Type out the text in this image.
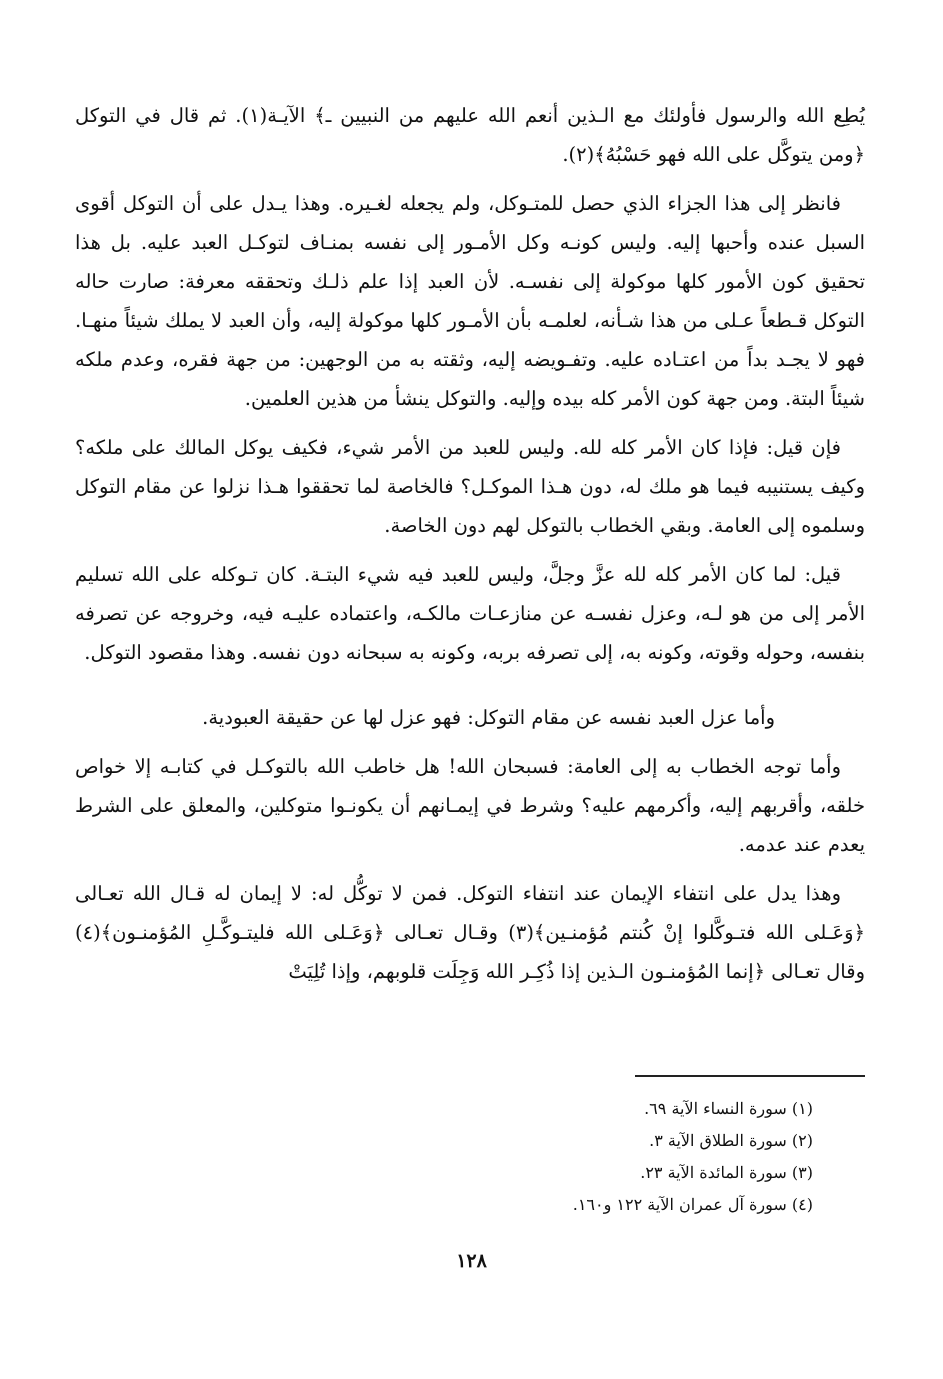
يُطِع الله والرسول فأولئك مع الـذين أنعم الله عليهم من النبيين ـ﴾ الآيـة(١). ثم قال في التوكل ﴿ومن يتوكَّل على الله فهو حَسْبُهُ﴾(٢).

فانظر إلى هذا الجزاء الذي حصل للمتـوكل، ولم يجعله لغـيره. وهذا يـدل على أن التوكل أقوى السبل عنده وأحبها إليه. وليس كونـه وكل الأمـور إلى نفسه بمنـاف لتوكـل العبد عليه. بل هذا تحقيق كون الأمور كلها موكولة إلى نفسـه. لأن العبد إذا علم ذلـك وتحققه معرفة: صارت حاله التوكل قـطعاً عـلى من هذا شـأنه، لعلمـه بأن الأمـور كلها موكولة إليه، وأن العبد لا يملك شيئاً منهـا. فهو لا يجـد بداً من اعتـاده عليه. وتفـويضه إليه، وثقته به من الوجهين: من جهة فقره، وعدم ملكه شيئاً البتة. ومن جهة كون الأمر كله بيده وإليه. والتوكل ينشأ من هذين العلمين.

فإن قيل: فإذا كان الأمر كله لله. وليس للعبد من الأمر شيء، فكيف يوكل المالك على ملكه؟ وكيف يستنيبه فيما هو ملك له، دون هـذا الموكـل؟ فالخاصة لما تحققوا هـذا نزلوا عن مقام التوكل وسلموه إلى العامة. وبقي الخطاب بالتوكل لهم دون الخاصة.

قيل: لما كان الأمر كله لله عزَّ وجلَّ، وليس للعبد فيه شيء البتـة. كان تـوكله على الله تسليم الأمر إلى من هو لـه، وعزل نفسـه عن منازعـات مالكـه، واعتماده عليـه فيه، وخروجه عن تصرفه بنفسه، وحوله وقوته، وكونه به، إلى تصرفه بربه، وكونه به سبحانه دون نفسه. وهذا مقصود التوكل.

وأما عزل العبد نفسه عن مقام التوكل: فهو عزل لها عن حقيقة العبودية.

وأما توجه الخطاب به إلى العامة: فسبحان الله! هل خاطب الله بالتوكـل في كتابـه إلا خواص خلقه، وأقربهم إليه، وأكرمهم عليه؟ وشرط في إيمـانهم أن يكونـوا متوكلين، والمعلق على الشرط يعدم عند عدمه.

وهذا يدل على انتفاء الإيمان عند انتفاء التوكل. فمن لا توكُّل له: لا إيمان له قـال الله تعـالى ﴿وَعَـلى الله فتـوكَّلوا إنْ كُنتم مُؤمنـين﴾(٣) وقـال تعـالى ﴿وَعَـلى الله فليتـوكَّـلِ المُؤمنـون﴾(٤) وقال تعـالى ﴿إنما المُؤمنـون الـذين إذا ذُكِـر الله وَجِلَت قلوبهم، وإذا تُلِيَتْ

(١) سورة النساء الآية ٦٩.

(٢) سورة الطلاق الآية ٣.

(٣) سورة المائدة الآية ٢٣.

(٤) سورة آل عمران الآية ١٢٢ و١٦٠.

١٢٨
